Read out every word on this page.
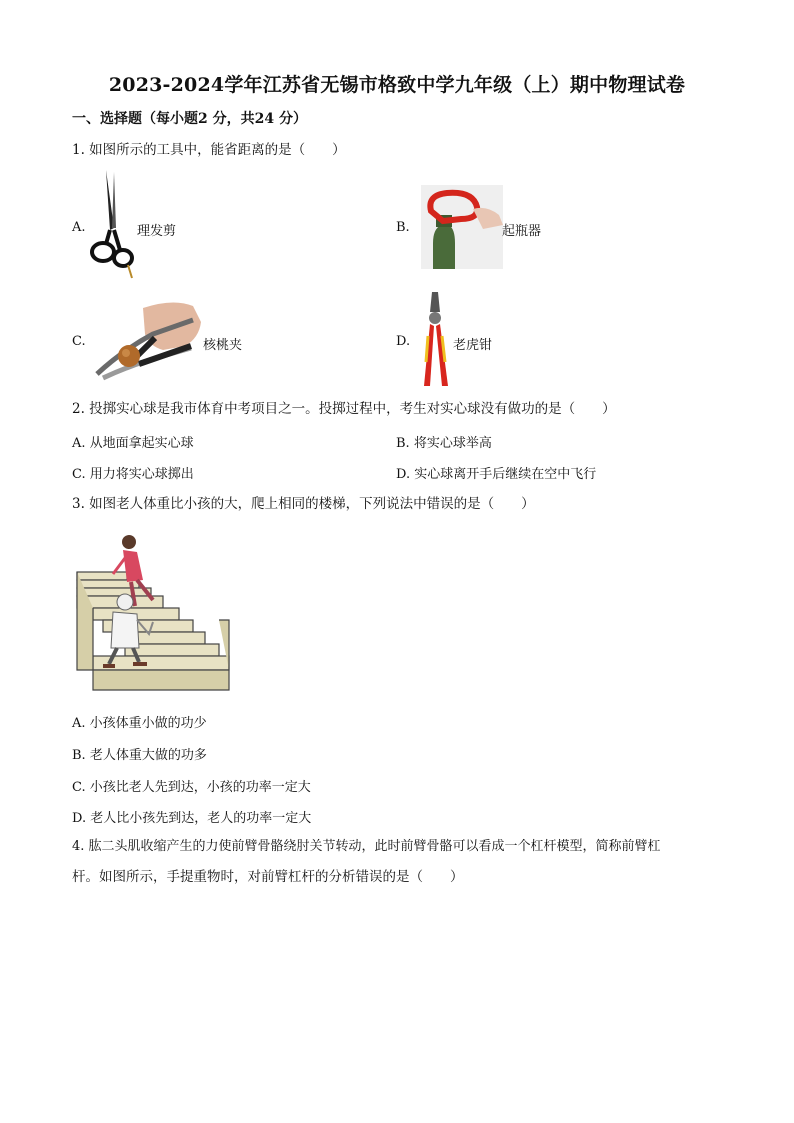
2023-2024学年江苏省无锡市格致中学九年级（上）期中物理试卷
一、选择题（每小题2 分，共24 分）
1. 如图所示的工具中，能省距离的是（　　）
A.	理发剪	B.	起瓶器
C.	核桃夹	D.	老虎钳
2. 投掷实心球是我市体育中考项目之一。投掷过程中，考生对实心球没有做功的是（　　）
A. 从地面拿起实心球	B. 将实心球举高
C. 用力将实心球掷出	D. 实心球离开手后继续在空中飞行
3. 如图老人体重比小孩的大，爬上相同的楼梯，下列说法中错误的是（　　）
A. 小孩体重小做的功少
B. 老人体重大做的功多
C. 小孩比老人先到达，小孩的功率一定大
D. 老人比小孩先到达，老人的功率一定大
4. 肱二头肌收缩产生的力使前臂骨骼绕肘关节转动，此时前臂骨骼可以看成一个杠杆模型，简称前臂杠
杆。如图所示，手提重物时，对前臂杠杆的分析错误的是（　　）
